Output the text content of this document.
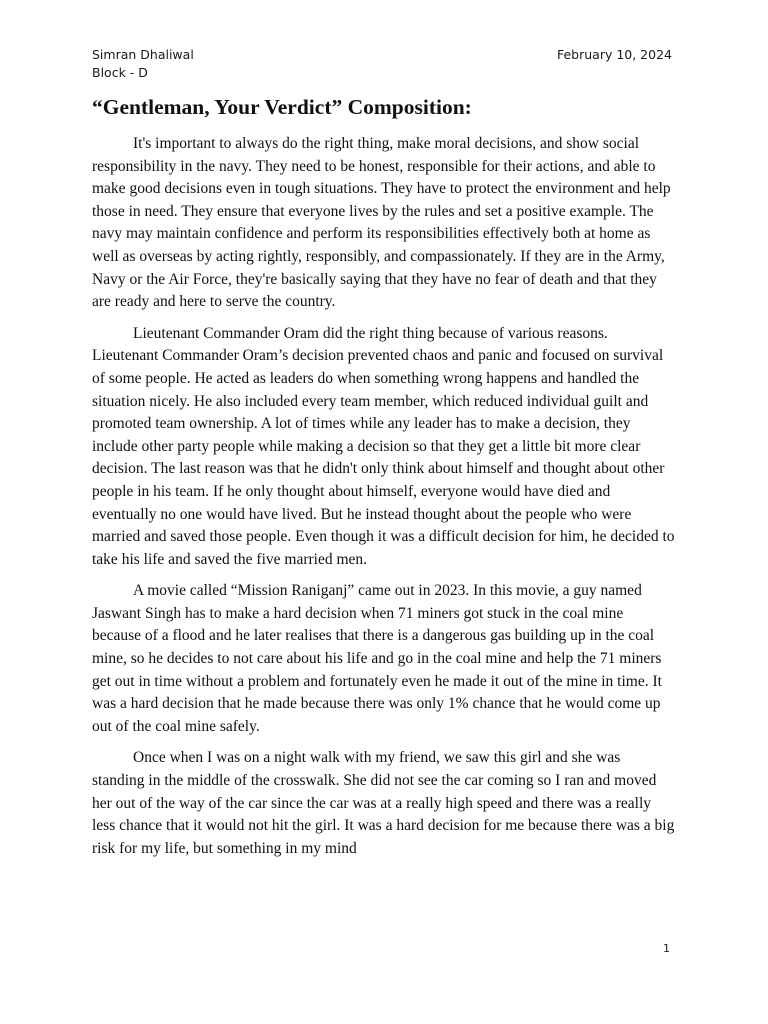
Simran Dhaliwal
Block - D
February 10, 2024
“Gentleman, Your Verdict” Composition:

It's important to always do the right thing, make moral decisions, and show social responsibility in the navy. They need to be honest, responsible for their actions, and able to make good decisions even in tough situations. They have to protect the environment and help those in need. They ensure that everyone lives by the rules and set a positive example. The navy may maintain confidence and perform its responsibilities effectively both at home as well as overseas by acting rightly, responsibly, and compassionately. If they are in the Army, Navy or the Air Force, they're basically saying that they have no fear of death and that they are ready and here to serve the country.

Lieutenant Commander Oram did the right thing because of various reasons. Lieutenant Commander Oram’s decision prevented chaos and panic and focused on survival of some people. He acted as leaders do when something wrong happens and handled the situation nicely. He also included every team member, which reduced individual guilt and promoted team ownership. A lot of times while any leader has to make a decision, they include other party people while making a decision so that they get a little bit more clear decision. The last reason was that he didn't only think about himself and thought about other people in his team. If he only thought about himself, everyone would have died and eventually no one would have lived. But he instead thought about the people who were married and saved those people. Even though it was a difficult decision for him, he decided to take his life and saved the five married men.

A movie called “Mission Raniganj” came out in 2023. In this movie, a guy named Jaswant Singh has to make a hard decision when 71 miners got stuck in the coal mine because of a flood and he later realises that there is a dangerous gas building up in the coal mine, so he decides to not care about his life and go in the coal mine and help the 71 miners get out in time without a problem and fortunately even he made it out of the mine in time. It was a hard decision that he made because there was only 1% chance that he would come up out of the coal mine safely.

Once when I was on a night walk with my friend, we saw this girl and she was standing in the middle of the crosswalk. She did not see the car coming so I ran and moved her out of the way of the car since the car was at a really high speed and there was a really less chance that it would not hit the girl. It was a hard decision for me because there was a big risk for my life, but something in my mind

1
